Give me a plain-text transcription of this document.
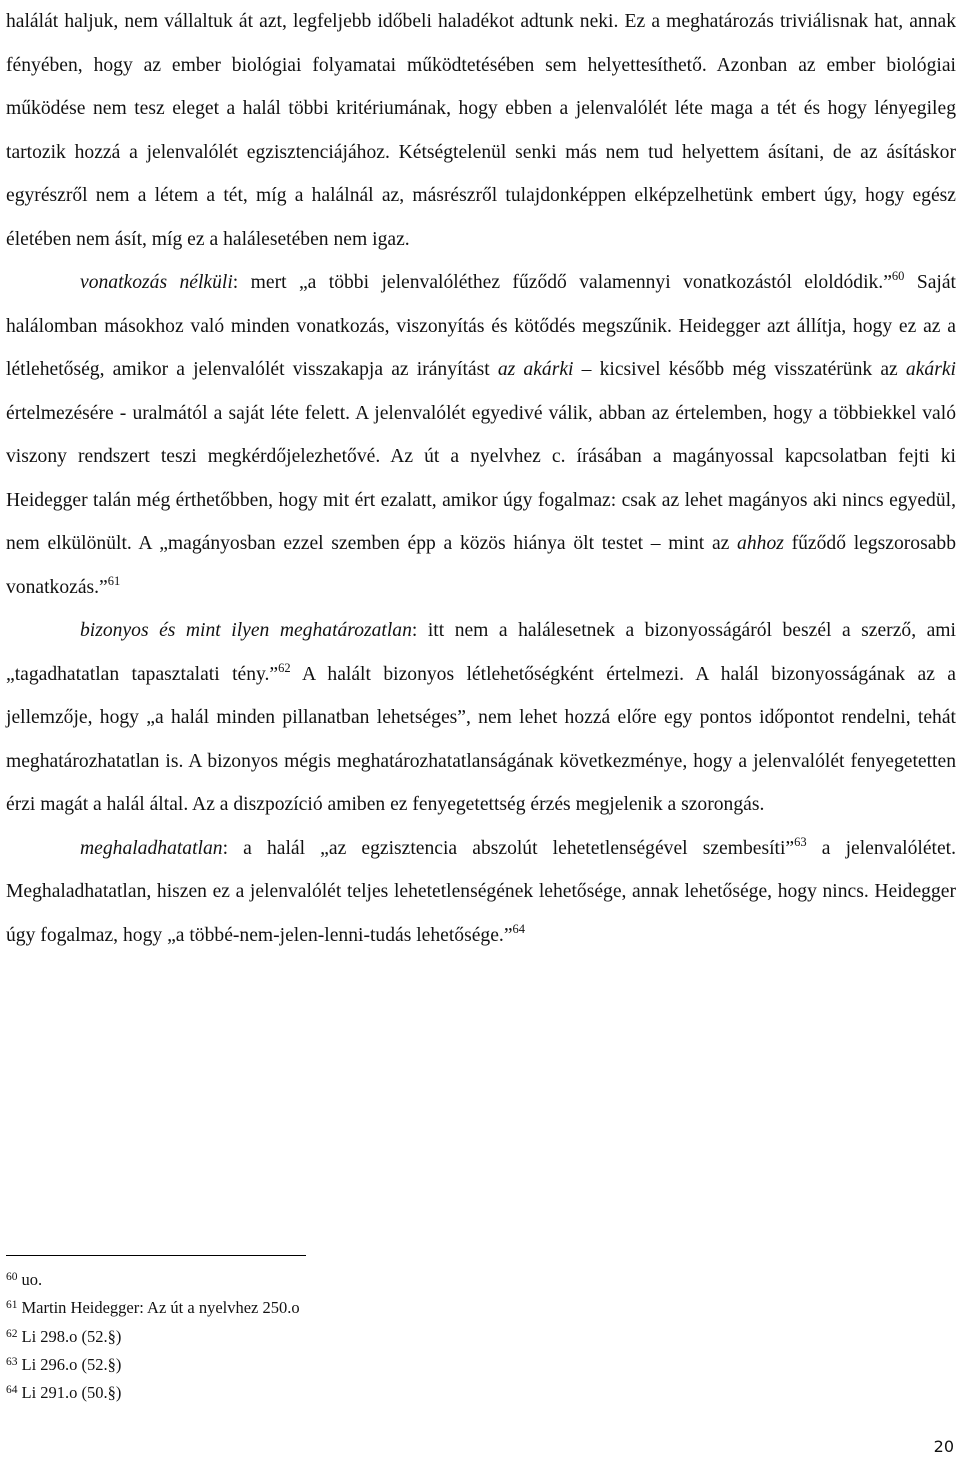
halálát haljuk, nem vállaltuk át azt, legfeljebb időbeli haladékot adtunk neki. Ez a meghatározás triviálisnak hat, annak fényében, hogy az ember biológiai folyamatai működtetésében sem helyettesíthető. Azonban az ember biológiai működése nem tesz eleget a halál többi kritériumának, hogy ebben a jelenvalólét léte maga a tét és hogy lényegileg tartozik hozzá a jelenvalólét egzisztenciájához. Kétségtelenül senki más nem tud helyettem ásítani, de az ásításkor egyrészről nem a létem a tét, míg a halálnál az, másrészről tulajdonképpen elképzelhetünk embert úgy, hogy egész életében nem ásít, míg ez a halálesetében nem igaz.

vonatkozás nélküli: mert „a többi jelenvalóléthez fűződő valamennyi vonatkozástól eloldódik.”$^{60}$ Saját halálomban másokhoz való minden vonatkozás, viszonyítás és kötődés megszűnik. Heidegger azt állítja, hogy ez az a létlehetőség, amikor a jelenvalólét visszakapja az irányítást az akárki – kicsivel később még visszatérünk az akárki értelmezésére - uralmától a saját léte felett. A jelenvalólét egyedivé válik, abban az értelemben, hogy a többiekkel való viszony rendszert teszi megkérdőjelezhetővé. Az út a nyelvhez c. írásában a magányossal kapcsolatban fejti ki Heidegger talán még érthetőbben, hogy mit ért ezalatt, amikor úgy fogalmaz: csak az lehet magányos aki nincs egyedül, nem elkülönült. A „magányosban ezzel szemben épp a közös hiánya ölt testet – mint az ahhoz fűződő legszorosabb vonatkozás.”$^{61}$

bizonyos és mint ilyen meghatározatlan: itt nem a halálesetnek a bizonyosságáról beszél a szerző, ami „tagadhatatlan tapasztalati tény.”$^{62}$ A halált bizonyos létlehetőségként értelmezi. A halál bizonyosságának az a jellemzője, hogy „a halál minden pillanatban lehetséges”, nem lehet hozzá előre egy pontos időpontot rendelni, tehát meghatározhatatlan is. A bizonyos mégis meghatározhatatlanságának következménye, hogy a jelenvalólét fenyegetetten érzi magát a halál által. Az a diszpozíció amiben ez fenyegetettség érzés megjelenik a szorongás.

meghaladhatatlan: a halál „az egzisztencia abszolút lehetetlenségével szembesíti”$^{63}$ a jelenvalólétet. Meghaladhatatlan, hiszen ez a jelenvalólét teljes lehetetlenségének lehetősége, annak lehetősége, hogy nincs. Heidegger úgy fogalmaz, hogy „a többé-nem-jelen-lenni-tudás lehetősége.”$^{64}$

$^{60}$ uo.
$^{61}$ Martin Heidegger: Az út a nyelvhez 250.o
$^{62}$ Li 298.o (52.§)
$^{63}$ Li 296.o (52.§)
$^{64}$ Li 291.o (50.§)
20
